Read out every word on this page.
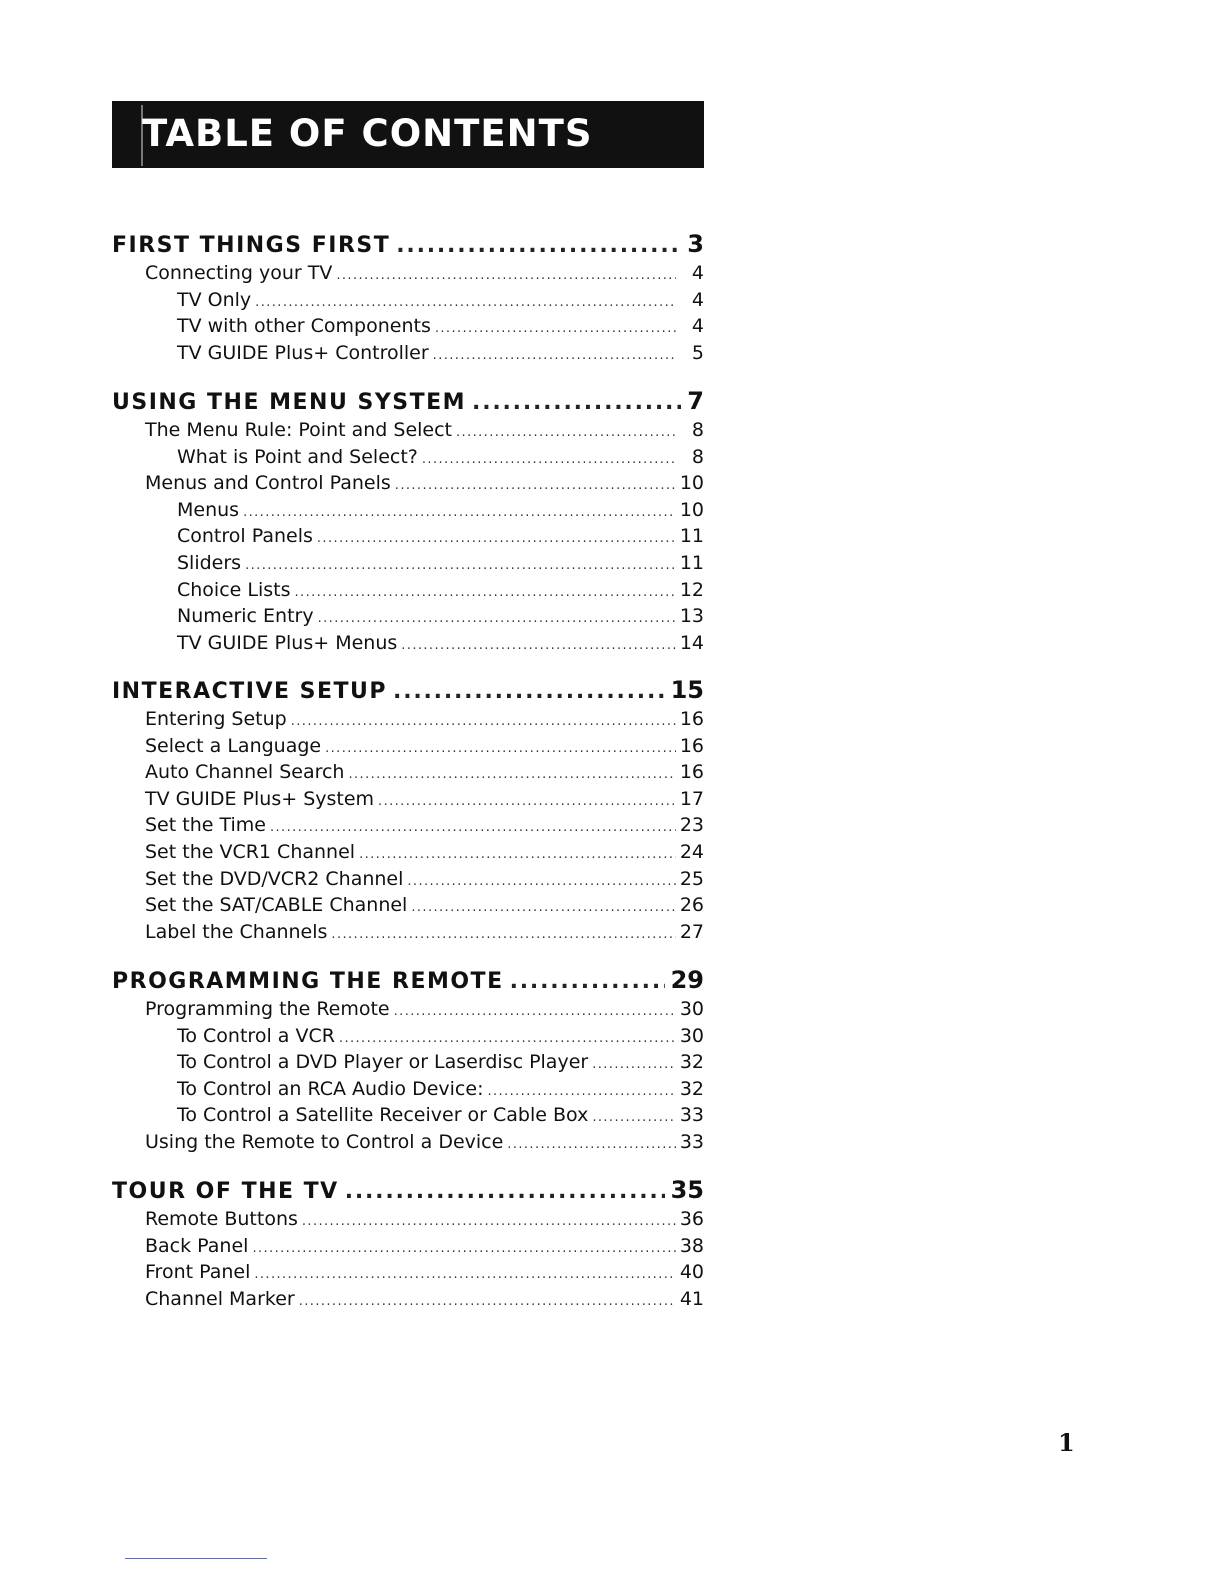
TABLE OF CONTENTS
FIRST THINGS FIRST .....	3
Connecting your TV .....	4
TV Only .....	4
TV with other Components .....	4
TV GUIDE Plus+ Controller .....	5
USING THE MENU SYSTEM .....	7
The Menu Rule: Point and Select .....	8
What is Point and Select? .....	8
Menus and Control Panels .....	10
Menus .....	10
Control Panels .....	11
Sliders .....	11
Choice Lists .....	12
Numeric Entry .....	13
TV GUIDE Plus+ Menus .....	14
INTERACTIVE SETUP .....	15
Entering Setup .....	16
Select a Language .....	16
Auto Channel Search .....	16
TV GUIDE Plus+ System .....	17
Set the Time .....	23
Set the VCR1 Channel .....	24
Set the DVD/VCR2 Channel .....	25
Set the SAT/CABLE Channel .....	26
Label the Channels .....	27
PROGRAMMING THE REMOTE .....	29
Programming the Remote .....	30
To Control a VCR .....	30
To Control a DVD Player or Laserdisc Player .....	32
To Control an RCA Audio Device: .....	32
To Control a Satellite Receiver or Cable Box .....	33
Using the Remote to Control a Device .....	33
TOUR OF THE TV .....	35
Remote Buttons .....	36
Back Panel .....	38
Front Panel .....	40
Channel Marker .....	41
1
